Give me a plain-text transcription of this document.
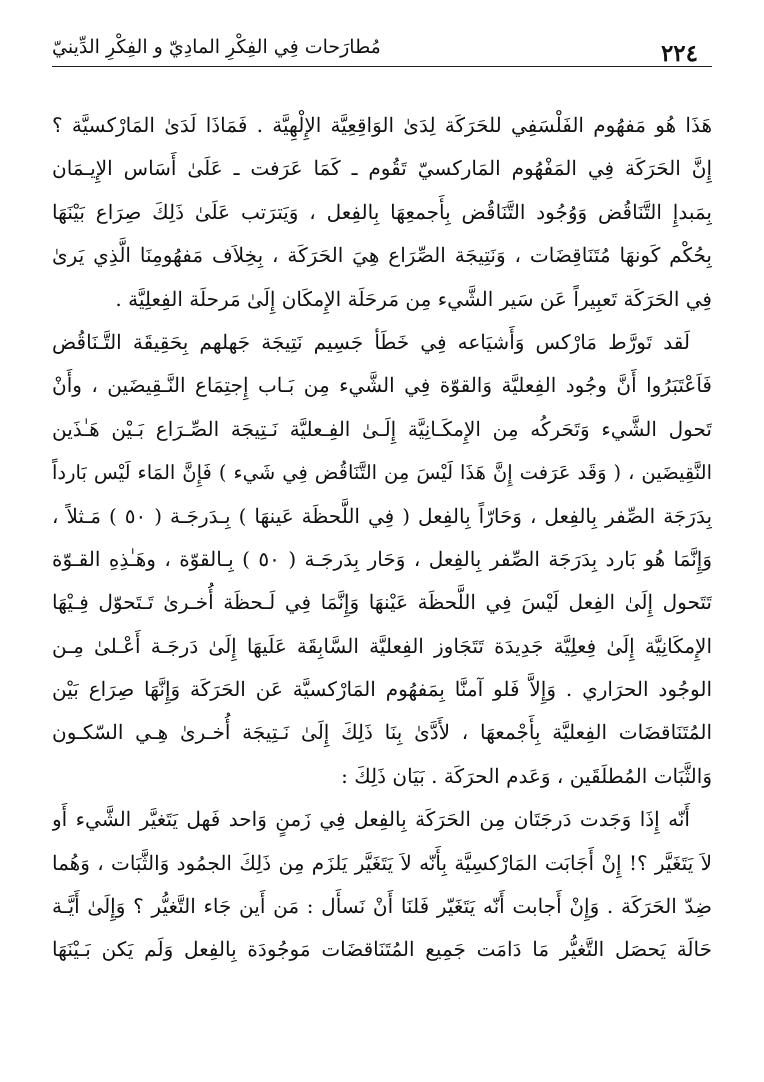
٢٢٤
مُطارَحات فِي الفِكْرِ المادِيّ و الفِكْرِ الدِّينيّ
هَذَا هُو مَفهُوم الفَلْسَفِي للحَرَكَة لِدَىٰ الوَاقِعِيَّة الإِلْهِيَّة . فَمَاذَا لَدَىٰ المَارْكسيَّة ؟
إِنَّ الحَرَكَة فِي المَفْهُوم المَاركسيّ تَقُوم ـ كَمَا عَرَفت ـ عَلَىٰ أَسَاس الإِيـمَان
بِمَبدإِ التَّنَاقُض وَوُجُود التَّنَاقُض بِأَجمعِهَا بِالفِعل ، وَيَترَتب عَلَىٰ ذَلِكَ صِرَاع بَيْنَهَا
بِحُكْم كَونهَا مُتَنَاقِضَات ، وَنَتِيجَة الصِّرَاع هِيَ الحَرَكَة ، بِخِلاَف مَفهُومِنَا الَّذِي يَرىٰ
فِي الحَرَكَة تَعبِيراً عَن سَير الشَّيء مِن مَرحَلَة الإِمكَان إِلَىٰ مَرحلَة الفِعلِيَّة .
لَقد تَورَّط مَارْكس وَأَشيَاعه فِي خَطَأ جَسِيم نَتِيجَة جَهلهم بِحَقِيقَة التَّـنَاقُض
فَاَعْتَبَرُوا أَنَّ وجُود الفِعليَّة وَالقوّة فِي الشَّيء مِن بَـاب إِجتِمَاع النَّـقِيضَين ، وأَنْ
تَحول الشَّيء وَتَحَركُه مِن الإِمكَـانِيَّة إِلَـىٰ الفِـعليَّة نَـتِيجَة الصِّـرَاع بَـيْن هَـٰذَين
النَّقِيضَين ، ( وَقَد عَرَفت إِنَّ هَذَا لَيْسَ مِن التَّنَاقُض فِي شَيء ) فَإِنَّ المَاء لَيْس بَارداً
بِدَرَجَة الصِّفر بِالفِعل ، وَحَارّاً بِالفِعل ( فِي اللَّحظَة عَينهَا ) بِـدَرجَـة ( ٥٠ ) مَـثلاً ،
وَإِنَّمَا هُو بَارد بِدَرَجَة الصِّفر بِالفِعل ، وَحَار بِدَرجَـة ( ٥٠ ) بِـالقوّة ، وهَـٰذِهِ القـوّة
تَتَحول إِلَىٰ الفِعل لَيْسَ فِي اللَّحظَة عَيْنهَا وَإِنَّمَا فِي لَـحظَة أُخـرىٰ تَـتَحوّل فِـيْهَا
الإِمكَانِيَّة إِلَىٰ فِعلِيَّة جَدِيدَة تَتَجَاوز الفِعليَّة السَّابِقَة عَلَيهَا إِلَىٰ دَرجَـة أَعْـلىٰ مِـن
الوجُود الحرَاري . وَإِلاَّ فَلو آمنَّا بِمَفهُوم المَارْكسيَّة عَن الحَرَكَة وَإِنَّهَا صِرَاع بَيْن
المُتَنَاقضَات الفِعليَّة بِأَجْمعهَا ، لأَدَّىٰ بِنَا ذَلِكَ إِلَىٰ نَـتِيجَة أُخـرىٰ هِـي السّكـون
وَالثَّبَات المُطلَقَين ، وَعَدم الحرَكَة . بَيَان ذَلِكَ :
أَنّه إِذَا وَجَدت دَرجَتَان مِن الحَرَكَة بِالفِعل فِي زَمنٍ وَاحد فَهل يَتَغيَّر الشَّيء أَو
لاَ يَتَغَيَّر ؟! إِنْ أَجَابَت المَارْكسِيَّة بِأَنّه لاَ يَتَغَيَّر يَلزَم مِن ذَلِكَ الجمُود وَالثَّبَات ، وَهُما
ضِدّ الحَرَكَة . وَإِنْ أَجابت أَنّه يَتَغَيّر فَلنَا أَنْ نَسأَل : مَن أَين جَاء التَّغيُّر ؟ وَإِلَىٰ أَيَّـة
حَالَة يَحصَل التَّغيُّر مَا دَامَت جَمِيع المُتَنَاقضَات مَوجُودَة بِالفِعل وَلَم يَكن بَـيْنَهَا
